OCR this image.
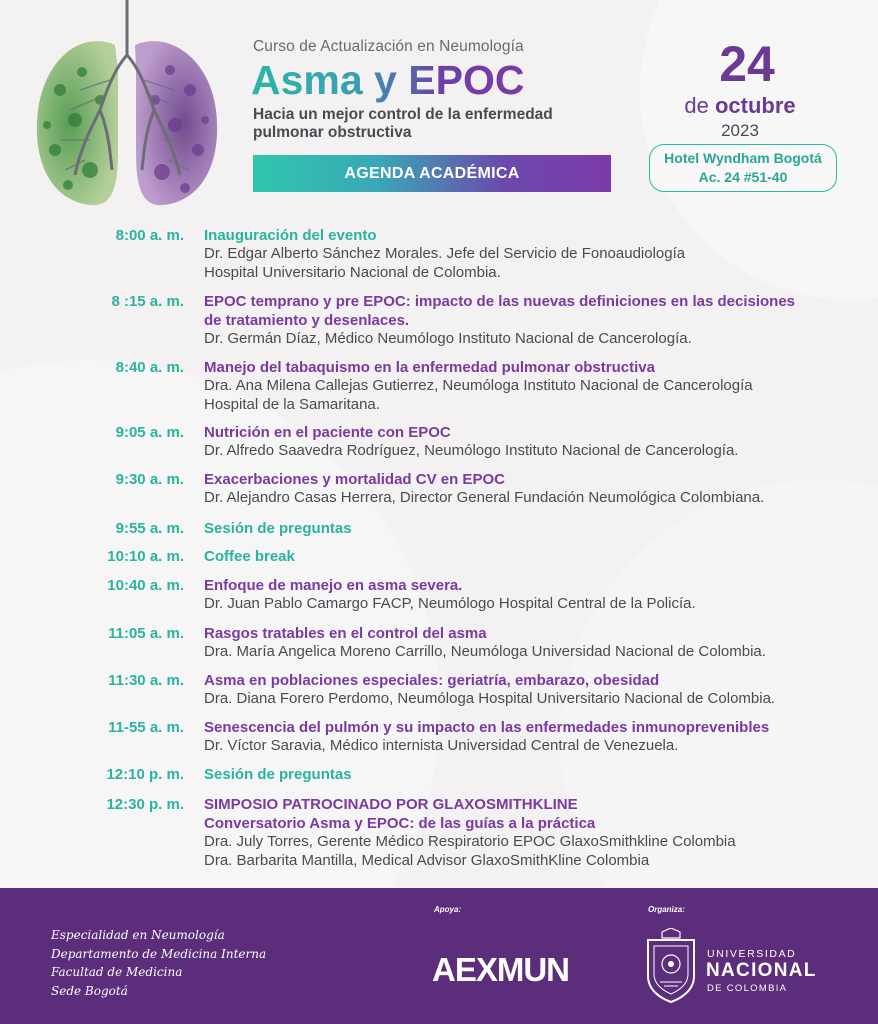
Curso de Actualización en Neumología
Asma y EPOC
Hacia un mejor control de la enfermedad
pulmonar obstructiva
AGENDA ACADÉMICA
24
de octubre
2023
Hotel Wyndham Bogotá
Ac. 24 #51-40
8:00 a. m. Inauguración del evento
Dr. Edgar Alberto Sánchez Morales. Jefe del Servicio de Fonoaudiología
Hospital Universitario Nacional de Colombia.
8 :15 a. m. EPOC temprano y pre EPOC: impacto de las nuevas definiciones en las decisiones
de tratamiento y desenlaces.
Dr. Germán Díaz, Médico Neumólogo Instituto Nacional de Cancerología.
8:40 a. m. Manejo del tabaquismo en la enfermedad pulmonar obstructiva
Dra. Ana Milena Callejas Gutierrez, Neumóloga Instituto Nacional de Cancerología
Hospital de la Samaritana.
9:05 a. m. Nutrición en el paciente con EPOC
Dr. Alfredo Saavedra Rodríguez, Neumólogo Instituto Nacional de Cancerología.
9:30 a. m. Exacerbaciones y mortalidad CV en EPOC
Dr. Alejandro Casas Herrera, Director General Fundación Neumológica Colombiana.
9:55 a. m. Sesión de preguntas
10:10 a. m. Coffee break
10:40 a. m. Enfoque de manejo en asma severa.
Dr. Juan Pablo Camargo FACP, Neumólogo Hospital Central de la Policía.
11:05 a. m. Rasgos tratables en el control del asma
Dra. María Angelica Moreno Carrillo, Neumóloga Universidad Nacional de Colombia.
11:30 a. m. Asma en poblaciones especiales: geriatría, embarazo, obesidad
Dra. Diana Forero Perdomo, Neumóloga Hospital Universitario Nacional de Colombia.
11-55 a. m. Senescencia del pulmón y su impacto en las enfermedades inmunoprevenibles
Dr. Víctor Saravia, Médico internista Universidad Central de Venezuela.
12:10 p. m. Sesión de preguntas
12:30 p. m. SIMPOSIO PATROCINADO POR GLAXOSMITHKLINE
Conversatorio Asma y EPOC: de las guías a la práctica
Dra. July Torres, Gerente Médico Respiratorio EPOC GlaxoSmithkline Colombia
Dra. Barbarita Mantilla, Medical Advisor GlaxoSmithKline Colombia
Especialidad en Neumología
Departamento de Medicina Interna
Facultad de Medicina
Sede Bogotá
Apoya:	Organiza:
AEXMUN	UNIVERSIDAD
NACIONAL
DE COLOMBIA
